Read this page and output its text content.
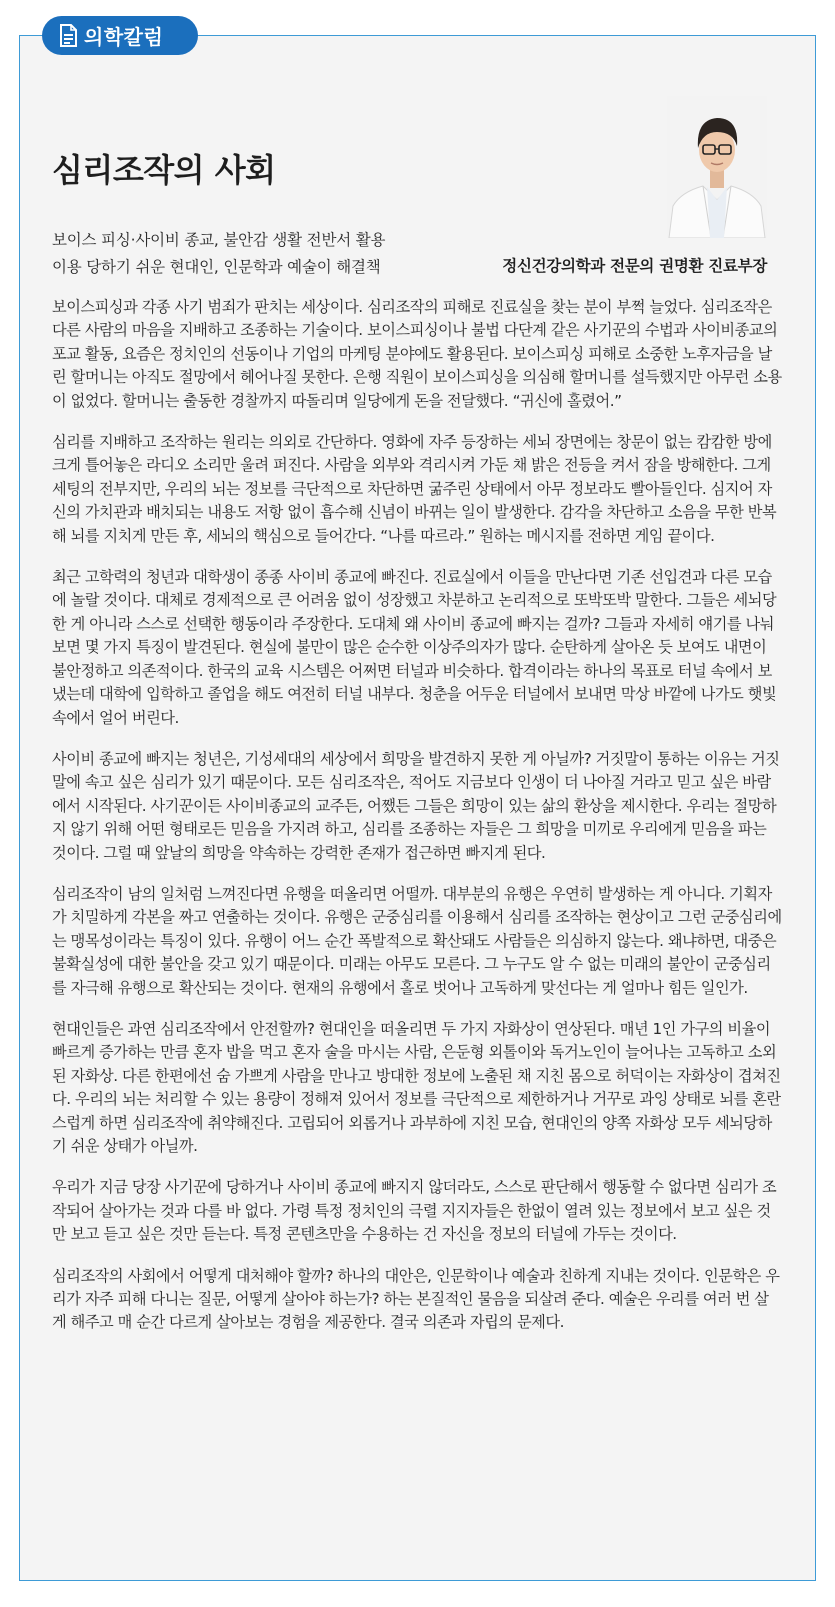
의학칼럼
심리조작의 사회
보이스 피싱·사이비 종교, 불안감 생활 전반서 활용
이용 당하기 쉬운 현대인, 인문학과 예술이 해결책	정신건강의학과 전문의 권명환 진료부장

보이스피싱과 각종 사기 범죄가 판치는 세상이다. 심리조작의 피해로 진료실을 찾는 분이 부쩍 늘었다. 심리조작은 다른 사람의 마음을 지배하고 조종하는 기술이다. 보이스피싱이나 불법 다단계 같은 사기꾼의 수법과 사이비종교의 포교 활동, 요즘은 정치인의 선동이나 기업의 마케팅 분야에도 활용된다. 보이스피싱 피해로 소중한 노후자금을 날린 할머니는 아직도 절망에서 헤어나질 못한다. 은행 직원이 보이스피싱을 의심해 할머니를 설득했지만 아무런 소용이 없었다. 할머니는 출동한 경찰까지 따돌리며 일당에게 돈을 전달했다. “귀신에 홀렸어.”

심리를 지배하고 조작하는 원리는 의외로 간단하다. 영화에 자주 등장하는 세뇌 장면에는 창문이 없는 캄캄한 방에 크게 틀어놓은 라디오 소리만 울려 퍼진다. 사람을 외부와 격리시켜 가둔 채 밝은 전등을 켜서 잠을 방해한다. 그게 세팅의 전부지만, 우리의 뇌는 정보를 극단적으로 차단하면 굶주린 상태에서 아무 정보라도 빨아들인다. 심지어 자신의 가치관과 배치되는 내용도 저항 없이 흡수해 신념이 바뀌는 일이 발생한다. 감각을 차단하고 소음을 무한 반복해 뇌를 지치게 만든 후, 세뇌의 핵심으로 들어간다. “나를 따르라.” 원하는 메시지를 전하면 게임 끝이다.

최근 고학력의 청년과 대학생이 종종 사이비 종교에 빠진다. 진료실에서 이들을 만난다면 기존 선입견과 다른 모습에 놀랄 것이다. 대체로 경제적으로 큰 어려움 없이 성장했고 차분하고 논리적으로 또박또박 말한다. 그들은 세뇌당한 게 아니라 스스로 선택한 행동이라 주장한다. 도대체 왜 사이비 종교에 빠지는 걸까? 그들과 자세히 얘기를 나눠보면 몇 가지 특징이 발견된다. 현실에 불만이 많은 순수한 이상주의자가 많다. 순탄하게 살아온 듯 보여도 내면이 불안정하고 의존적이다. 한국의 교육 시스템은 어쩌면 터널과 비슷하다. 합격이라는 하나의 목표로 터널 속에서 보냈는데 대학에 입학하고 졸업을 해도 여전히 터널 내부다. 청춘을 어두운 터널에서 보내면 막상 바깥에 나가도 햇빛 속에서 얼어 버린다.

사이비 종교에 빠지는 청년은, 기성세대의 세상에서 희망을 발견하지 못한 게 아닐까? 거짓말이 통하는 이유는 거짓말에 속고 싶은 심리가 있기 때문이다. 모든 심리조작은, 적어도 지금보다 인생이 더 나아질 거라고 믿고 싶은 바람에서 시작된다. 사기꾼이든 사이비종교의 교주든, 어쨌든 그들은 희망이 있는 삶의 환상을 제시한다. 우리는 절망하지 않기 위해 어떤 형태로든 믿음을 가지려 하고, 심리를 조종하는 자들은 그 희망을 미끼로 우리에게 믿음을 파는 것이다. 그럴 때 앞날의 희망을 약속하는 강력한 존재가 접근하면 빠지게 된다.

심리조작이 남의 일처럼 느껴진다면 유행을 떠올리면 어떨까. 대부분의 유행은 우연히 발생하는 게 아니다. 기획자가 치밀하게 각본을 짜고 연출하는 것이다. 유행은 군중심리를 이용해서 심리를 조작하는 현상이고 그런 군중심리에는 맹목성이라는 특징이 있다. 유행이 어느 순간 폭발적으로 확산돼도 사람들은 의심하지 않는다. 왜냐하면, 대중은 불확실성에 대한 불안을 갖고 있기 때문이다. 미래는 아무도 모른다. 그 누구도 알 수 없는 미래의 불안이 군중심리를 자극해 유행으로 확산되는 것이다. 현재의 유행에서 홀로 벗어나 고독하게 맞선다는 게 얼마나 힘든 일인가.

현대인들은 과연 심리조작에서 안전할까? 현대인을 떠올리면 두 가지 자화상이 연상된다. 매년 1인 가구의 비율이 빠르게 증가하는 만큼 혼자 밥을 먹고 혼자 술을 마시는 사람, 은둔형 외톨이와 독거노인이 늘어나는 고독하고 소외된 자화상. 다른 한편에선 숨 가쁘게 사람을 만나고 방대한 정보에 노출된 채 지친 몸으로 허덕이는 자화상이 겹쳐진다. 우리의 뇌는 처리할 수 있는 용량이 정해져 있어서 정보를 극단적으로 제한하거나 거꾸로 과잉 상태로 뇌를 혼란스럽게 하면 심리조작에 취약해진다. 고립되어 외롭거나 과부하에 지친 모습, 현대인의 양쪽 자화상 모두 세뇌당하기 쉬운 상태가 아닐까.

우리가 지금 당장 사기꾼에 당하거나 사이비 종교에 빠지지 않더라도, 스스로 판단해서 행동할 수 없다면 심리가 조작되어 살아가는 것과 다를 바 없다. 가령 특정 정치인의 극렬 지지자들은 한없이 열려 있는 정보에서 보고 싶은 것만 보고 듣고 싶은 것만 듣는다. 특정 콘텐츠만을 수용하는 건 자신을 정보의 터널에 가두는 것이다.

심리조작의 사회에서 어떻게 대처해야 할까? 하나의 대안은, 인문학이나 예술과 친하게 지내는 것이다. 인문학은 우리가 자주 피해 다니는 질문, 어떻게 살아야 하는가? 하는 본질적인 물음을 되살려 준다. 예술은 우리를 여러 번 살게 해주고 매 순간 다르게 살아보는 경험을 제공한다. 결국 의존과 자립의 문제다.
